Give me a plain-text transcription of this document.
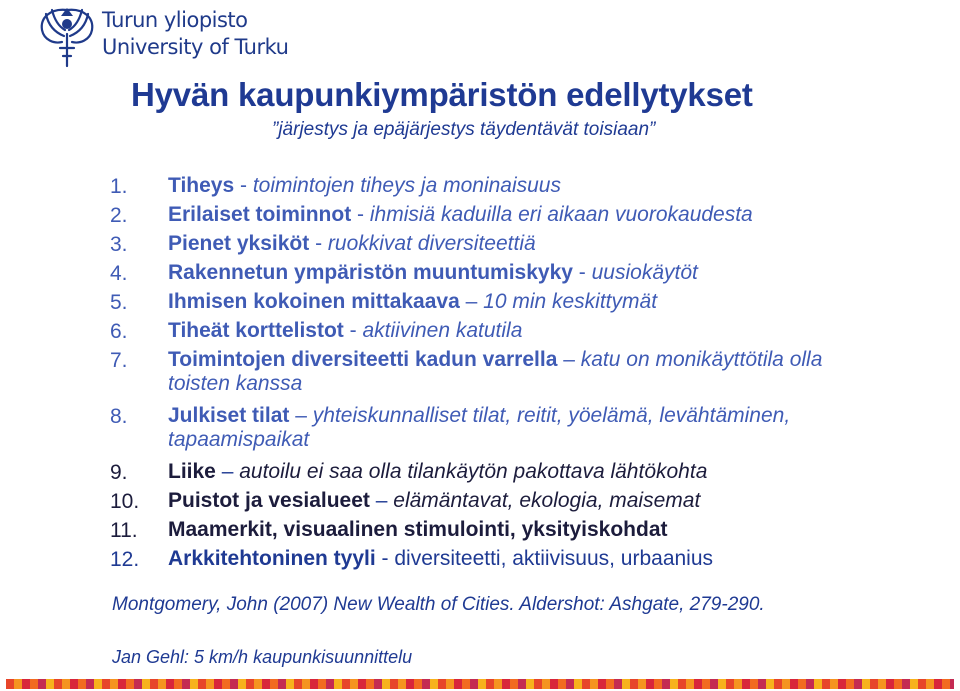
Turun yliopisto
University of Turku
Hyvän kaupunkiympäristön edellytykset
”järjestys ja epäjärjestys täydentävät toisiaan”
1.	Tiheys - toimintojen tiheys ja moninaisuus
2.	Erilaiset toiminnot - ihmisiä kaduilla eri aikaan vuorokaudesta
3.	Pienet yksiköt - ruokkivat diversiteettiä
4.	Rakennetun ympäristön muuntumiskyky - uusiokäytöt
5.	Ihmisen kokoinen mittakaava – 10 min keskittymät
6.	Tiheät korttelistot - aktiivinen katutila
7.	Toimintojen diversiteetti kadun varrella – katu on monikäyttötila olla toisten kanssa
8.	Julkiset tilat – yhteiskunnalliset tilat, reitit, yöelämä, levähtäminen, tapaamispaikat
9.	Liike – autoilu ei saa olla tilankäytön pakottava lähtökohta
10.	Puistot ja vesialueet – elämäntavat, ekologia, maisemat
11.	Maamerkit, visuaalinen stimulointi, yksityiskohdat
12.	Arkkitehtoninen tyyli - diversiteetti, aktiivisuus, urbaanius
Montgomery, John (2007) New Wealth of Cities. Aldershot: Ashgate, 279-290.
Jan Gehl: 5 km/h kaupunkisuunnittelu
